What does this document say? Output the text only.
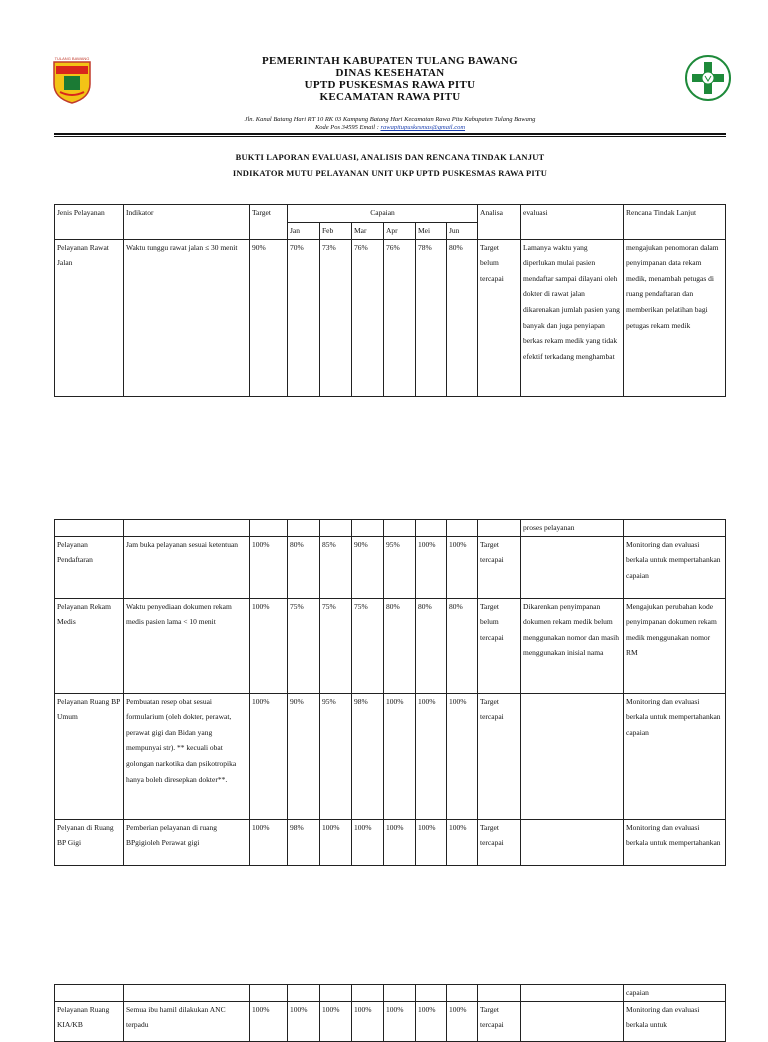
TULANG BAWANG	PEMERINTAH KABUPATEN TULANG BAWANG
DINAS KESEHATAN
UPTD PUSKESMAS RAWA PITU
KECAMATAN RAWA PITU
Jln. Kanal Batang Hari RT 10 RK 03 Kampung Batang Hari Kecamatan Rawa Pitu Kabupaten Tulang Bawang
Kode Pos 34595 Email : rawapitupuskesmas@gmail.com
BUKTI LAPORAN EVALUASI, ANALISIS DAN RENCANA TINDAK LANJUT
INDIKATOR MUTU PELAYANAN UNIT UKP UPTD PUSKESMAS RAWA PITU
Jenis Pelayanan	Indikator	Target	Capaian						Analisa	evaluasi	Rencana Tindak Lanjut
			Jan	Feb	Mar	Apr	Mei	Jun			
Pelayanan Rawat Jalan	Waktu tunggu rawat jalan ≤ 30 menit	90%	70%	73%	76%	76%	78%	80%	Target belum tercapai	Lamanya waktu yang diperlukan mulai pasien mendaftar sampai dilayani oleh dokter di rawat jalan dikarenakan jumlah pasien yang banyak dan juga penyiapan berkas rekam medik yang tidak efektif terkadang menghambat	mengajukan penomoran dalam penyimpanan data rekam medik, menambah petugas di ruang pendaftaran dan memberikan pelatihan bagi petugas rekam medik
										proses pelayanan	
Pelayanan Pendaftaran	Jam buka pelayanan sesuai ketentuan	100%	80%	85%	90%	95%	100%	100%	Target tercapai		Monitoring dan evaluasi berkala untuk mempertahankan capaian
Pelayanan Rekam Medis	Waktu penyediaan dokumen rekam medis pasien lama < 10 menit	100%	75%	75%	75%	80%	80%	80%	Target belum tercapai	Dikarenkan penyimpanan dokumen rekam medik belum menggunakan nomor dan masih menggunakan inisial nama	Mengajukan perubahan kode penyimpanan dokumen rekam medik menggunakan nomor RM
Pelayanan Ruang BP Umum	Pembuatan resep obat sesuai formularium (oleh dokter, perawat, perawat gigi dan Bidan yang mempunyai str). ** kecuali obat golongan narkotika dan psikotropika hanya boleh diresepkan dokter**.	100%	90%	95%	98%	100%	100%	100%	Target tercapai		Monitoring dan evaluasi berkala untuk mempertahankan capaian
Pelyanan di Ruang BP Gigi	Pemberian pelayanan di ruang BPgigioleh Perawat gigi	100%	98%	100%	100%	100%	100%	100%	Target tercapai		Monitoring dan evaluasi berkala untuk mempertahankan
											capaian
Pelayanan Ruang KIA/KB	Semua ibu hamil dilakukan ANC terpadu	100%	100%	100%	100%	100%	100%	100%	Target tercapai		Monitoring dan evaluasi berkala untuk
